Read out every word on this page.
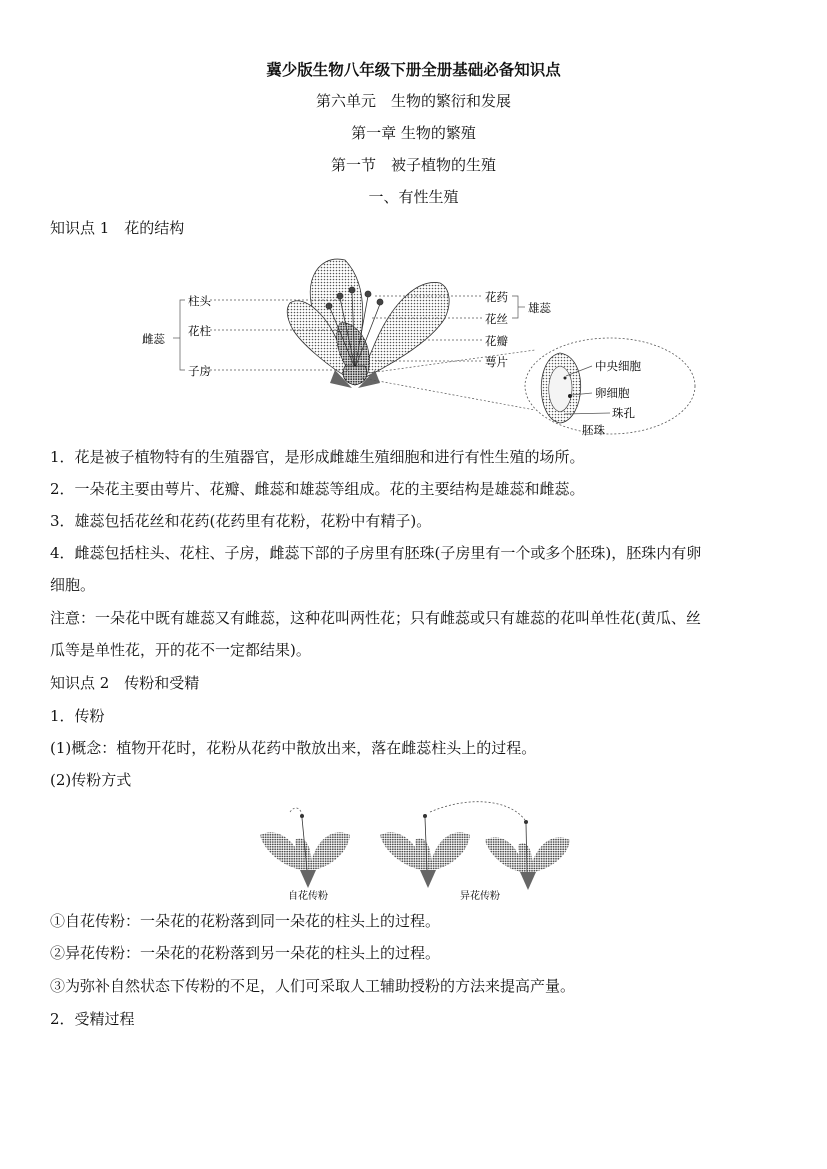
冀少版生物八年级下册全册基础必备知识点
第六单元　生物的繁衍和发展
第一章 生物的繁殖
第一节　被子植物的生殖
一、有性生殖
知识点 1　花的结构
柱头
花柱
雌蕊
子房
花药
花丝
雄蕊
花瓣
萼片	中央细胞
卵细胞
珠孔
胚珠
1．花是被子植物特有的生殖器官，是形成雌雄生殖细胞和进行有性生殖的场所。
2．一朵花主要由萼片、花瓣、雌蕊和雄蕊等组成。花的主要结构是雄蕊和雌蕊。
3．雄蕊包括花丝和花药(花药里有花粉，花粉中有精子)。
4．雌蕊包括柱头、花柱、子房，雌蕊下部的子房里有胚珠(子房里有一个或多个胚珠)，胚珠内有卵
细胞。
注意：一朵花中既有雄蕊又有雌蕊，这种花叫两性花；只有雌蕊或只有雄蕊的花叫单性花(黄瓜、丝
瓜等是单性花，开的花不一定都结果)。
知识点 2　传粉和受精
1．传粉
(1)概念：植物开花时，花粉从花药中散放出来，落在雌蕊柱头上的过程。
(2)传粉方式
自花传粉	异花传粉
①自花传粉：一朵花的花粉落到同一朵花的柱头上的过程。
②异花传粉：一朵花的花粉落到另一朵花的柱头上的过程。
③为弥补自然状态下传粉的不足，人们可采取人工辅助授粉的方法来提高产量。
2．受精过程
